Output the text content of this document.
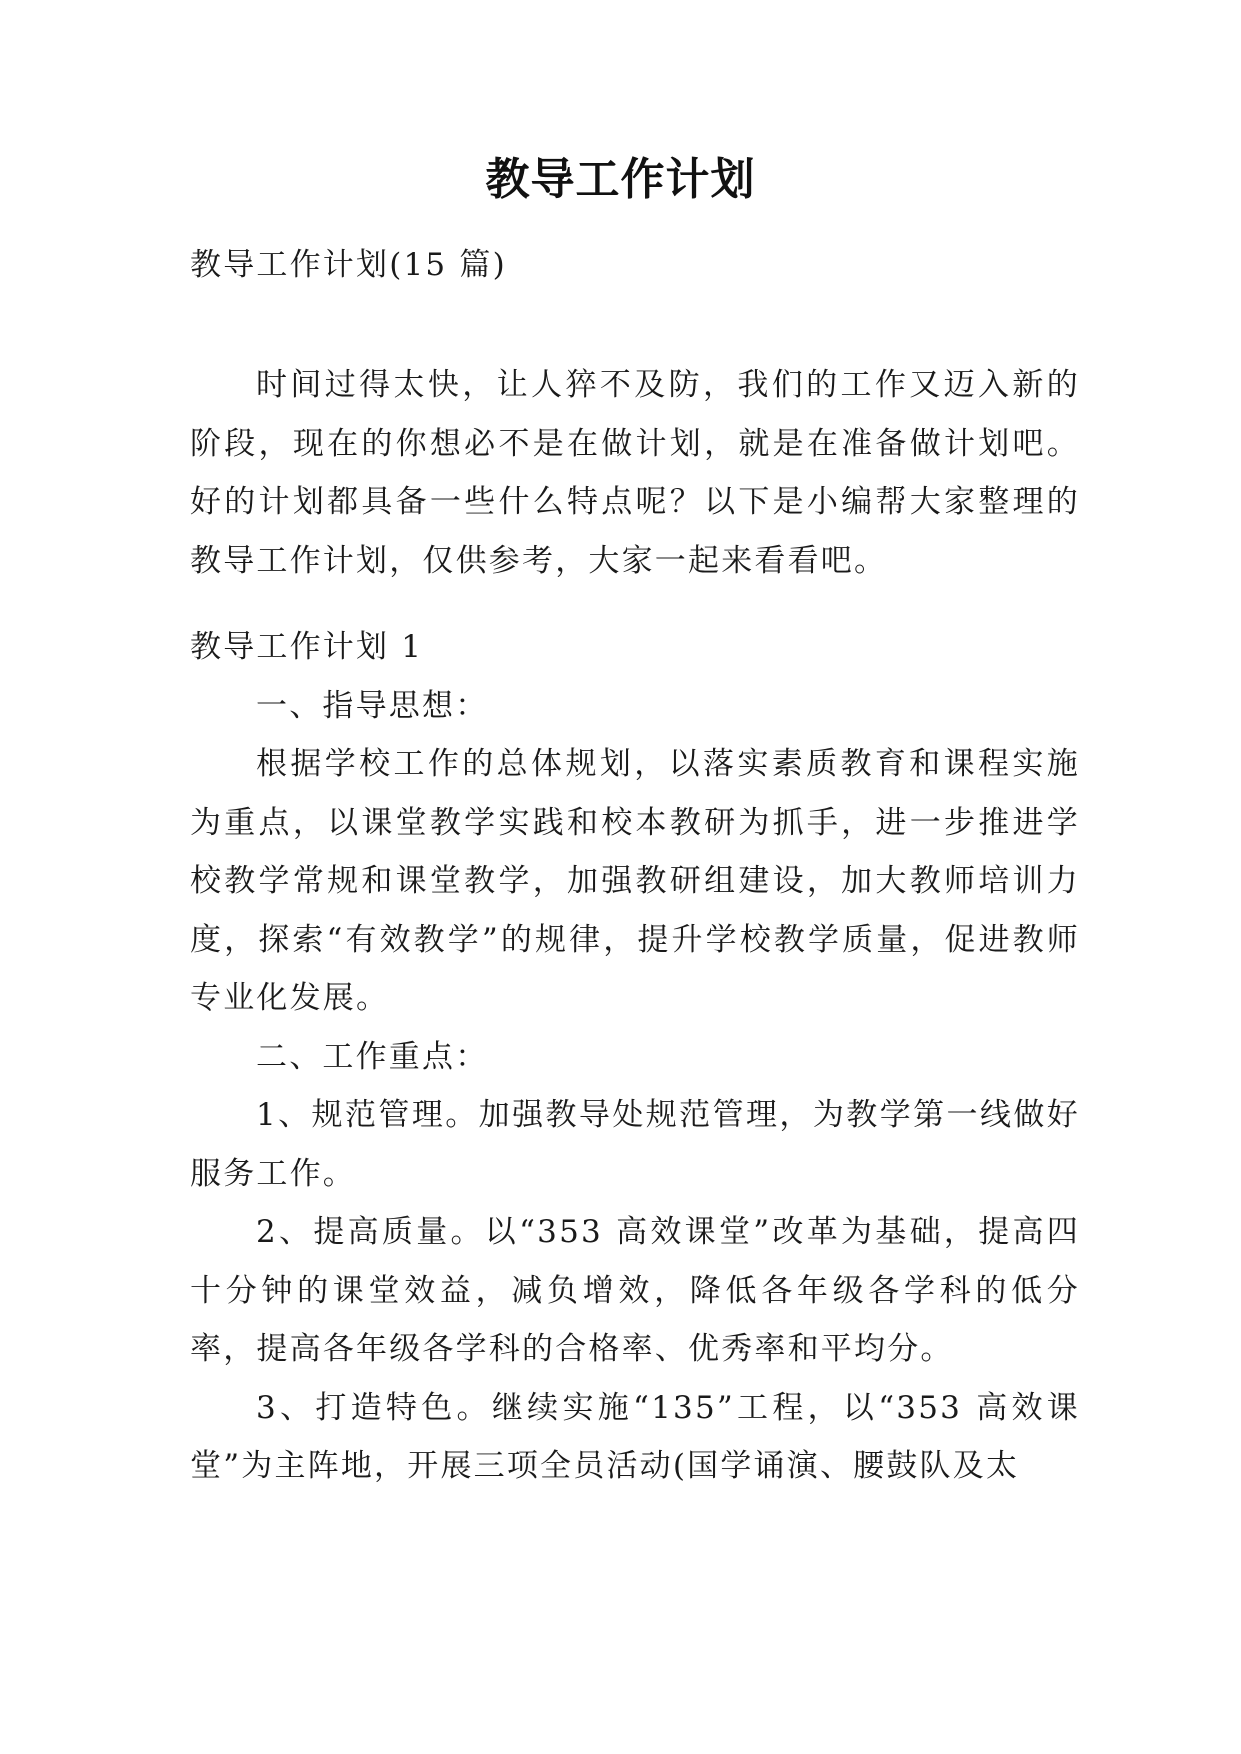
教导工作计划

教导工作计划(15 篇)

时间过得太快，让人猝不及防，我们的工作又迈入新的阶段，现在的你想必不是在做计划，就是在准备做计划吧。好的计划都具备一些什么特点呢？以下是小编帮大家整理的教导工作计划，仅供参考，大家一起来看看吧。

教导工作计划 1

一、指导思想：

根据学校工作的总体规划，以落实素质教育和课程实施为重点，以课堂教学实践和校本教研为抓手，进一步推进学校教学常规和课堂教学，加强教研组建设，加大教师培训力度，探索“有效教学”的规律，提升学校教学质量，促进教师专业化发展。

二、工作重点：

1、规范管理。加强教导处规范管理，为教学第一线做好服务工作。

2、提高质量。以“353 高效课堂”改革为基础，提高四十分钟的课堂效益，减负增效，降低各年级各学科的低分率，提高各年级各学科的合格率、优秀率和平均分。

3、打造特色。继续实施“135”工程，以“353 高效课堂”为主阵地，开展三项全员活动(国学诵演、腰鼓队及太
